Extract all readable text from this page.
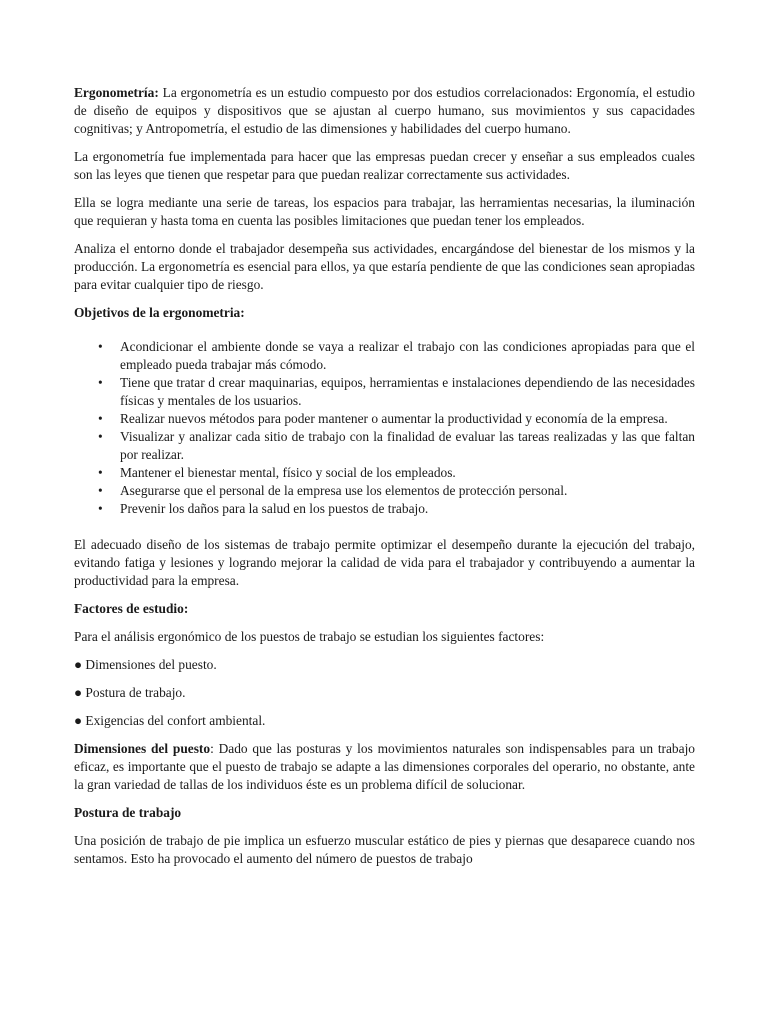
Ergonometría: La ergonometría es un estudio compuesto por dos estudios correlacionados: Ergonomía, el estudio de diseño de equipos y dispositivos que se ajustan al cuerpo humano, sus movimientos y sus capacidades cognitivas; y Antropometría, el estudio de las dimensiones y habilidades del cuerpo humano.

La ergonometría fue implementada para hacer que las empresas puedan crecer y enseñar a sus empleados cuales son las leyes que tienen que respetar para que puedan realizar correctamente sus actividades.

Ella se logra mediante una serie de tareas, los espacios para trabajar, las herramientas necesarias, la iluminación que requieran y hasta toma en cuenta las posibles limitaciones que puedan tener los empleados.

Analiza el entorno donde el trabajador desempeña sus actividades, encargándose del bienestar de los mismos y la producción. La ergonometría es esencial para ellos, ya que estaría pendiente de que las condiciones sean apropiadas para evitar cualquier tipo de riesgo.

Objetivos de la ergonometria:

• Acondicionar el ambiente donde se vaya a realizar el trabajo con las condiciones apropiadas para que el empleado pueda trabajar más cómodo.
• Tiene que tratar d crear maquinarias, equipos, herramientas e instalaciones dependiendo de las necesidades físicas y mentales de los usuarios.
• Realizar nuevos métodos para poder mantener o aumentar la productividad y economía de la empresa.
• Visualizar y analizar cada sitio de trabajo con la finalidad de evaluar las tareas realizadas y las que faltan por realizar.
• Mantener el bienestar mental, físico y social de los empleados.
• Asegurarse que el personal de la empresa use los elementos de protección personal.
• Prevenir los daños para la salud en los puestos de trabajo.

El adecuado diseño de los sistemas de trabajo permite optimizar el desempeño durante la ejecución del trabajo, evitando fatiga y lesiones y logrando mejorar la calidad de vida para el trabajador y contribuyendo a aumentar la productividad para la empresa.

Factores de estudio:

Para el análisis ergonómico de los puestos de trabajo se estudian los siguientes factores:

● Dimensiones del puesto.

● Postura de trabajo.

● Exigencias del confort ambiental.

Dimensiones del puesto: Dado que las posturas y los movimientos naturales son indispensables para un trabajo eficaz, es importante que el puesto de trabajo se adapte a las dimensiones corporales del operario, no obstante, ante la gran variedad de tallas de los individuos éste es un problema difícil de solucionar.

Postura de trabajo

Una posición de trabajo de pie implica un esfuerzo muscular estático de pies y piernas que desaparece cuando nos sentamos. Esto ha provocado el aumento del número de puestos de trabajo
